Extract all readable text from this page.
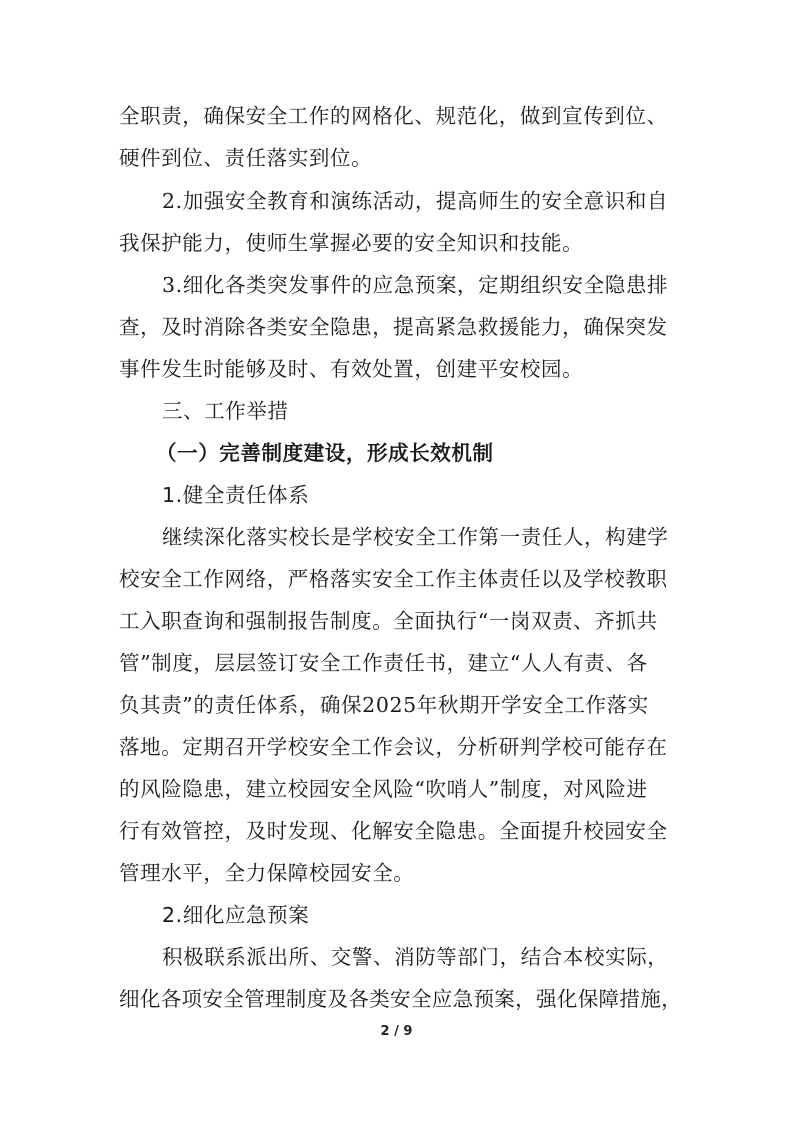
全职责，确保安全工作的网格化、规范化，做到宣传到位、
硬件到位、责任落实到位。
2.加强安全教育和演练活动，提高师生的安全意识和自
我保护能力，使师生掌握必要的安全知识和技能。
3.细化各类突发事件的应急预案，定期组织安全隐患排
查，及时消除各类安全隐患，提高紧急救援能力，确保突发
事件发生时能够及时、有效处置，创建平安校园。
三、工作举措
（一）完善制度建设，形成长效机制
1.健全责任体系
继续深化落实校长是学校安全工作第一责任人，构建学
校安全工作网络，严格落实安全工作主体责任以及学校教职
工入职查询和强制报告制度。全面执行“一岗双责、齐抓共
管”制度，层层签订安全工作责任书，建立“人人有责、各
负其责”的责任体系，确保2025年秋期开学安全工作落实
落地。定期召开学校安全工作会议，分析研判学校可能存在
的风险隐患，建立校园安全风险“吹哨人”制度，对风险进
行有效管控，及时发现、化解安全隐患。全面提升校园安全
管理水平，全力保障校园安全。
2.细化应急预案
积极联系派出所、交警、消防等部门，结合本校实际，
细化各项安全管理制度及各类安全应急预案，强化保障措施，
2 / 9
